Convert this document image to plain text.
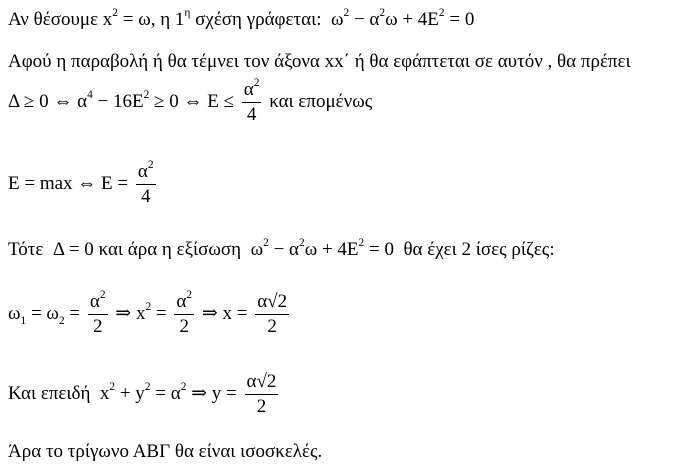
Αν θέσουμε $x^2 = \omega$, η $1^\eta$ σχέση γράφεται:  $\omega^2 - \alpha^2\omega + 4E^2 = 0$
Αφού η παραβολή ή θα τέμνει τον άξονα xx΄ ή θα εφάπτεται σε αυτόν , θα πρέπει
Δ ≥ 0 ⇔ $\alpha^4 - 16E^2 \ge 0$ ⇔ $E \le \frac{\alpha^2}{4}$ και επομένως
E = max ⇔ $E = \frac{\alpha^2}{4}$
Τότε  Δ = 0 και άρα η εξίσωση  $\omega^2 - \alpha^2\omega + 4E^2 = 0$  θα έχει 2 ίσες ρίζες:
$\omega_1 = \omega_2 = \frac{\alpha^2}{2}$ ⇒ $x^2 = \frac{\alpha^2}{2}$ ⇒ $x = \frac{\alpha√2}{2}$
Και επειδή  $x^2 + y^2 = \alpha^2$ ⇒ $y = \frac{\alpha√2}{2}$
Άρα το τρίγωνο ΑΒΓ θα είναι ισοσκελές.
